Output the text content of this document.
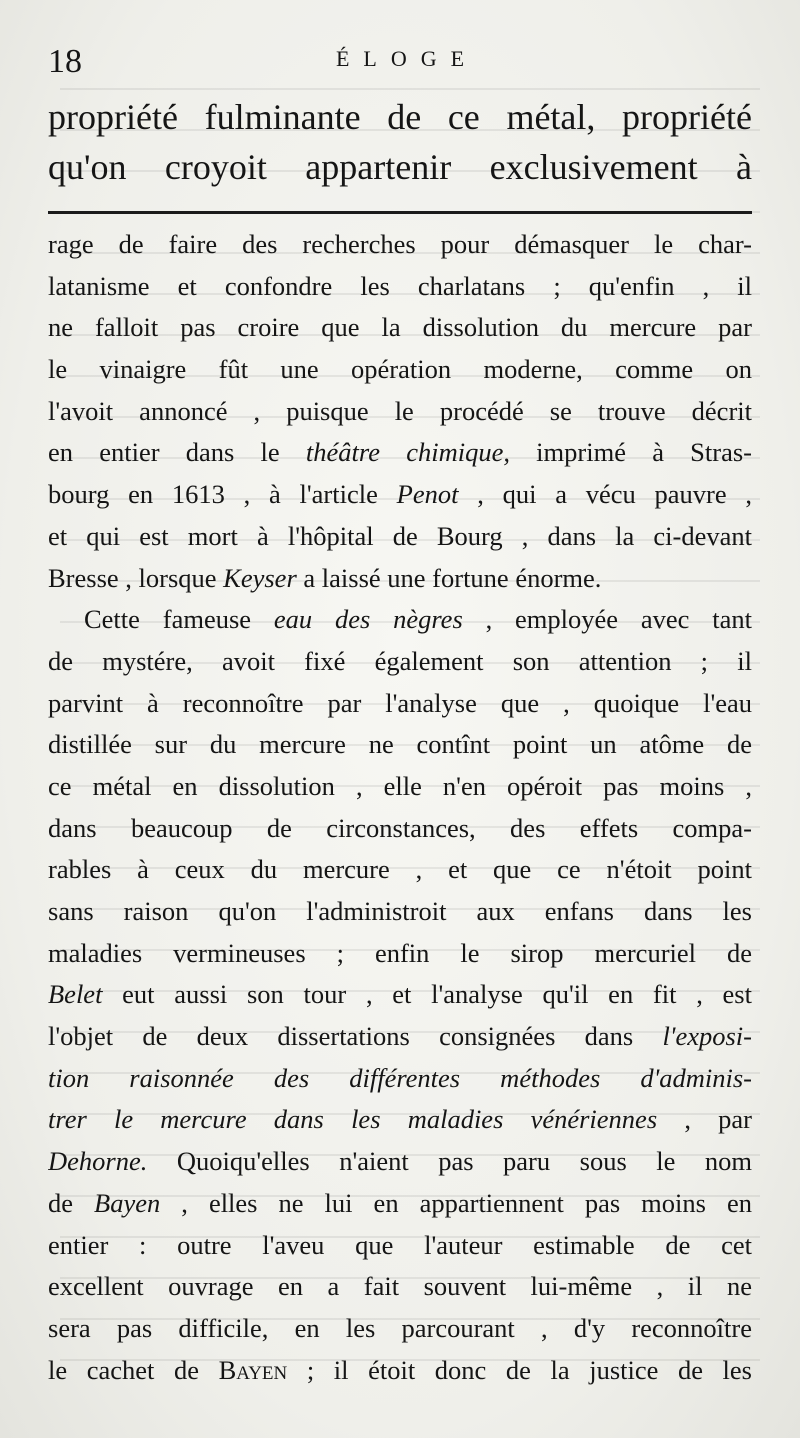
18	ÉLOGE
propriété fulminante de ce métal, propriété
qu'on croyoit appartenir exclusivement à
rage de faire des recherches pour démasquer le char-
latanisme et confondre les charlatans ; qu'enfin , il
ne falloit pas croire que la dissolution du mercure par
le vinaigre fût une opération moderne, comme on
l'avoit annoncé , puisque le procédé se trouve décrit
en entier dans le théâtre chimique, imprimé à Stras-
bourg en 1613 , à l'article Penot , qui a vécu pauvre ,
et qui est mort à l'hôpital de Bourg , dans la ci-devant
Bresse , lorsque Keyser a laissé une fortune énorme.
Cette fameuse eau des nègres , employée avec tant
de mystére, avoit fixé également son attention ; il
parvint à reconnoître par l'analyse que , quoique l'eau
distillée sur du mercure ne contînt point un atôme de
ce métal en dissolution , elle n'en opéroit pas moins ,
dans beaucoup de circonstances, des effets compa-
rables à ceux du mercure , et que ce n'étoit point
sans raison qu'on l'administroit aux enfans dans les
maladies vermineuses ; enfin le sirop mercuriel de
Belet eut aussi son tour , et l'analyse qu'il en fit , est
l'objet de deux dissertations consignées dans l'exposi-
tion raisonnée des différentes méthodes d'adminis-
trer le mercure dans les maladies vénériennes , par
Dehorne. Quoiqu'elles n'aient pas paru sous le nom
de Bayen , elles ne lui en appartiennent pas moins en
entier : outre l'aveu que l'auteur estimable de cet
excellent ouvrage en a fait souvent lui-même , il ne
sera pas difficile, en les parcourant , d'y reconnoître
le cachet de Bayen ; il étoit donc de la justice de les
